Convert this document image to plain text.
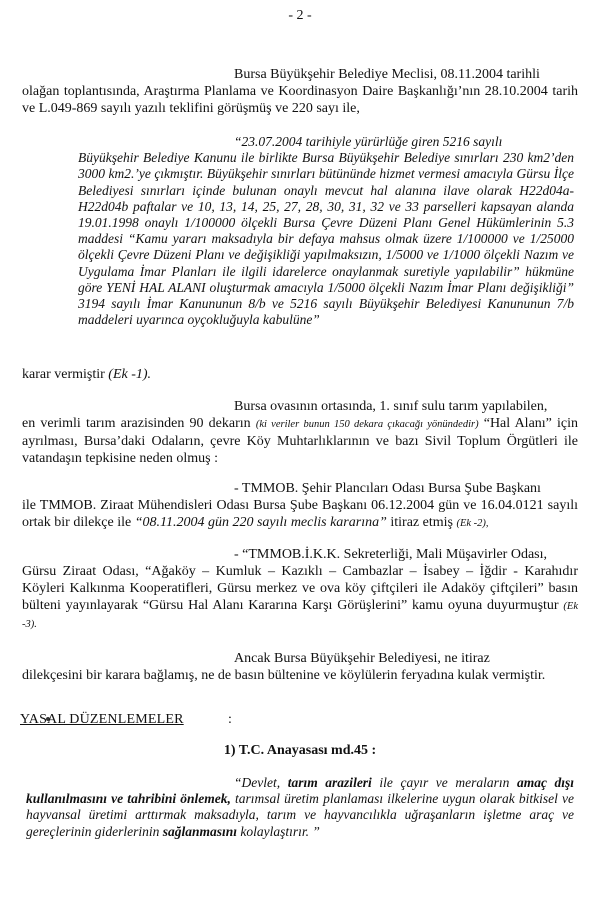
- 2 -
Bursa Büyükşehir Belediye Meclisi, 08.11.2004 tarihli
olağan toplantısında, Araştırma Planlama ve Koordinasyon Daire Başkanlığı’nın 28.10.2004 tarih ve L.049-869 sayılı yazılı teklifini görüşmüş ve 220 sayı ile,
“23.07.2004 tarihiyle yürürlüğe giren 5216 sayılı
Büyükşehir Belediye Kanunu ile birlikte Bursa Büyükşehir Belediye sınırları 230 km2’den 3000 km2.’ye çıkmıştır. Büyükşehir sınırları bütününde hizmet vermesi amacıyla Gürsu İlçe Belediyesi sınırları içinde bulunan onaylı mevcut hal alanına ilave olarak H22d04a-H22d04b paftalar ve 10, 13, 14, 25, 27, 28, 30, 31, 32 ve 33 parselleri kapsayan alanda 19.01.1998 onaylı 1/100000 ölçekli Bursa Çevre Düzeni Planı Genel Hükümlerinin 5.3 maddesi “Kamu yararı maksadıyla bir defaya mahsus olmak üzere 1/100000 ve 1/25000 ölçekli Çevre Düzeni Planı ve değişikliği yapılmaksızın, 1/5000 ve 1/1000 ölçekli Nazım ve Uygulama İmar Planları ile ilgili idarelerce onaylanmak suretiyle yapılabilir” hükmüne göre YENİ HAL ALANI oluşturmak amacıyla 1/5000 ölçekli Nazım İmar Planı değişikliği” 3194 sayılı İmar Kanununun 8/b ve 5216 sayılı Büyükşehir Belediyesi Kanununun 7/b maddeleri uyarınca oyçokluğuyla kabulüne”
karar vermiştir (Ek -1).
Bursa ovasının ortasında, 1. sınıf sulu tarım yapılabilen,
en verimli tarım arazisinden 90 dekarın (ki veriler bunun 150 dekara çıkacağı yönündedir) “Hal Alanı” için ayrılması, Bursa’daki Odaların, çevre Köy Muhtarlıklarının ve bazı Sivil Toplum Örgütleri ile vatandaşın tepkisine neden olmuş :
- TMMOB. Şehir Plancıları Odası Bursa Şube Başkanı
ile TMMOB. Ziraat Mühendisleri Odası Bursa Şube Başkanı 06.12.2004 gün ve 16.04.0121 sayılı ortak bir dilekçe ile “08.11.2004 gün 220 sayılı meclis kararına” itiraz etmiş (Ek -2),
- “TMMOB.İ.K.K. Sekreterliği, Mali Müşavirler Odası,
Gürsu Ziraat Odası, “Ağaköy – Kumluk – Kazıklı – Cambazlar – İsabey – İğdir - Karahıdır Köyleri Kalkınma Kooperatifleri, Gürsu merkez ve ova köy çiftçileri ile Adaköy çiftçileri” basın bülteni yayınlayarak “Gürsu Hal Alanı Kararına Karşı Görüşlerini” kamu oyuna duyurmuştur (Ek -3).
Ancak Bursa Büyükşehir Belediyesi, ne itiraz
dilekçesini bir karara bağlamış, ne de basın bültenine ve köylülerin feryadına kulak vermiştir.
YASAL DÜZENLEMELER	:
1) T.C. Anayasası md.45 :
“Devlet, tarım arazileri ile çayır ve meraların amaç dışı kullanılmasını ve tahribini önlemek, tarımsal üretim planlaması ilkelerine uygun olarak bitkisel ve hayvansal üretimi arttırmak maksadıyla, tarım ve hayvancılıkla uğraşanların işletme araç ve gereçlerinin giderlerinin sağlanmasını kolaylaştırır. ”
